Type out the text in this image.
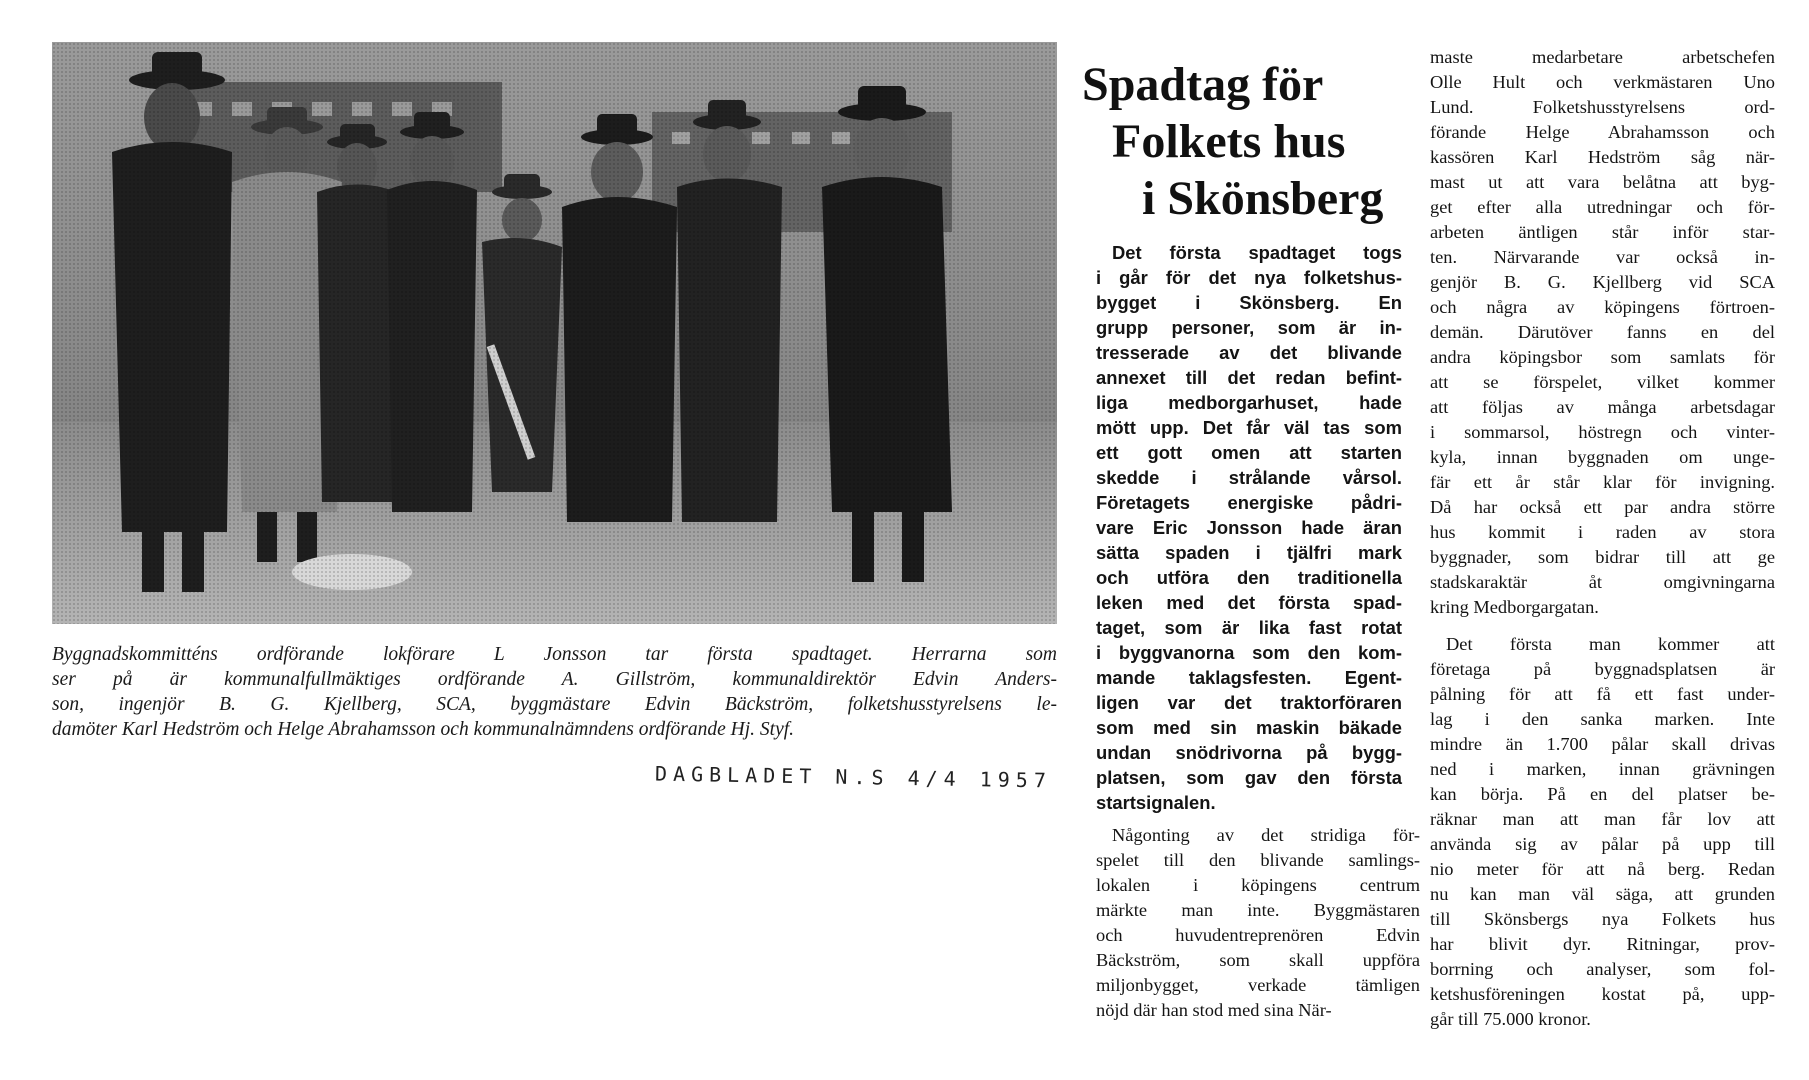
Byggnadskommitténs ordförande lokförare L Jonsson tar första spadtaget. Herrarna som
ser på är kommunalfullmäktiges ordförande A. Gillström, kommunaldirektör Edvin Anders-
son, ingenjör B. G. Kjellberg, SCA, byggmästare Edvin Bäckström, folketshusstyrelsens le-
damöter Karl Hedström och Helge Abrahamsson och kommunalnämndens ordförande Hj. Styf.
DAGBLADET N.S 4/4 1957
Spadtag för
Folkets hus
i Skönsberg
Det första spadtaget togs
i går för det nya folketshus-
bygget i Skönsberg. En
grupp personer, som är in-
tresserade av det blivande
annexet till det redan befint-
liga medborgarhuset, hade
mött upp. Det får väl tas som
ett gott omen att starten
skedde i strålande vårsol.
Företagets energiske pådri-
vare Eric Jonsson hade äran
sätta spaden i tjälfri mark
och utföra den traditionella
leken med det första spad-
taget, som är lika fast rotat
i byggvanorna som den kom-
mande taklagsfesten. Egent-
ligen var det traktorföraren
som med sin maskin bäkade
undan snödrivorna på bygg-
platsen, som gav den första
startsignalen.
Någonting av det stridiga för-
spelet till den blivande samlings-
lokalen i köpingens centrum
märkte man inte. Byggmästaren
och huvudentreprenören Edvin
Bäckström, som skall uppföra
miljonbygget, verkade tämligen
nöjd där han stod med sina När-
maste medarbetare arbetschefen
Olle Hult och verkmästaren Uno
Lund. Folketshusstyrelsens ord-
förande Helge Abrahamsson och
kassören Karl Hedström såg när-
mast ut att vara belåtna att byg-
get efter alla utredningar och för-
arbeten äntligen står inför star-
ten. Närvarande var också in-
genjör B. G. Kjellberg vid SCA
och några av köpingens förtroen-
demän. Därutöver fanns en del
andra köpingsbor som samlats för
att se förspelet, vilket kommer
att följas av många arbetsdagar
i sommarsol, höstregn och vinter-
kyla, innan byggnaden om unge-
fär ett år står klar för invigning.
Då har också ett par andra större
hus kommit i raden av stora
byggnader, som bidrar till att ge
stadskaraktär åt omgivningarna
kring Medborgargatan.
Det första man kommer att
företaga på byggnadsplatsen är
pålning för att få ett fast under-
lag i den sanka marken. Inte
mindre än 1.700 pålar skall drivas
ned i marken, innan grävningen
kan börja. På en del platser be-
räknar man att man får lov att
använda sig av pålar på upp till
nio meter för att nå berg. Redan
nu kan man väl säga, att grunden
till Skönsbergs nya Folkets hus
har blivit dyr. Ritningar, prov-
borrning och analyser, som fol-
ketshusföreningen kostat på, upp-
går till 75.000 kronor.
